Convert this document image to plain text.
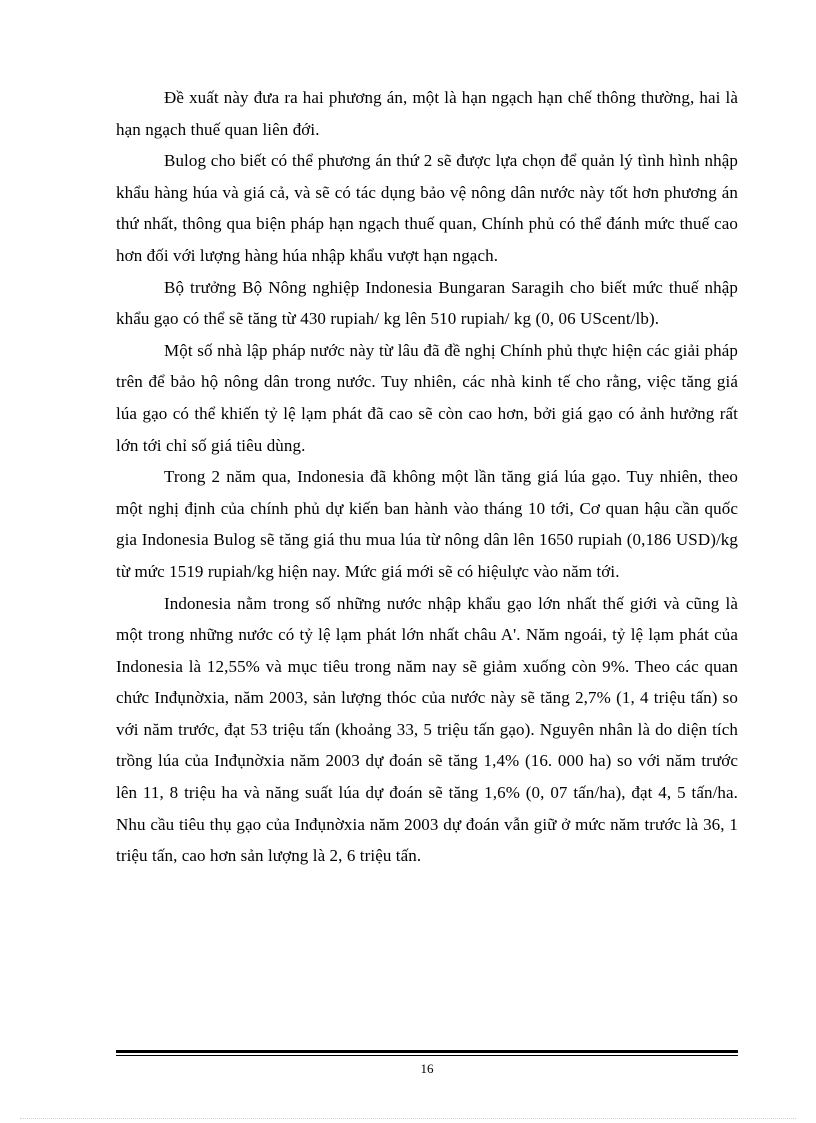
Đề xuất này đưa ra hai phương án, một là hạn ngạch hạn chế thông thường, hai là hạn ngạch thuế quan liên đới.

Bulog cho biết có thể phương án thứ 2 sẽ được lựa chọn để quản lý tình hình nhập khẩu hàng húa và giá cả, và sẽ có tác dụng bảo vệ nông dân nước này tốt hơn phương án thứ nhất, thông qua biện pháp hạn ngạch thuế quan, Chính phủ có thể đánh mức thuế cao hơn đối với lượng hàng húa nhập khẩu vượt hạn ngạch.

Bộ trưởng Bộ Nông nghiệp Indonesia Bungaran Saragih cho biết mức thuế nhập khẩu gạo có thể sẽ tăng từ 430 rupiah/ kg lên 510 rupiah/ kg (0, 06 UScent/lb).

Một số nhà lập pháp nước này từ lâu đã đề nghị Chính phủ thực hiện các giải pháp trên để bảo hộ nông dân trong nước. Tuy nhiên, các nhà kinh tế cho rằng, việc tăng giá lúa gạo có thể khiến tỷ lệ lạm phát đã cao sẽ còn cao hơn, bởi giá gạo có ảnh hưởng rất lớn tới chỉ số giá tiêu dùng.

Trong 2 năm qua, Indonesia đã không một lần tăng giá lúa gạo. Tuy nhiên, theo một nghị định của chính phủ dự kiến ban hành vào tháng 10 tới, Cơ quan hậu cần quốc gia Indonesia Bulog sẽ tăng giá thu mua lúa từ nông dân lên 1650 rupiah (0,186 USD)/kg từ mức 1519 rupiah/kg hiện nay. Mức giá mới sẽ có hiệulực vào năm tới.

Indonesia nằm trong số những nước nhập khẩu gạo lớn nhất thế giới và cũng là một trong những nước có tỷ lệ lạm phát lớn nhất châu A'. Năm ngoái, tỷ lệ lạm phát của Indonesia là 12,55% và mục tiêu trong năm nay sẽ giảm xuống còn 9%. Theo các quan chức Inđụnờxia, năm 2003, sản lượng thóc của nước này sẽ tăng 2,7% (1, 4 triệu tấn) so với năm trước, đạt 53 triệu tấn (khoảng 33, 5 triệu tấn gạo). Nguyên nhân là do diện tích trồng lúa của Inđụnờxia năm 2003 dự đoán sẽ tăng 1,4% (16. 000 ha) so với năm trước lên 11, 8 triệu ha và năng suất lúa dự đoán sẽ tăng 1,6% (0, 07 tấn/ha), đạt 4, 5 tấn/ha. Nhu cầu tiêu thụ gạo của Inđụnờxia năm 2003 dự đoán vẫn giữ ở mức năm trước là 36, 1 triệu tấn, cao hơn sản lượng là 2, 6 triệu tấn.

16
